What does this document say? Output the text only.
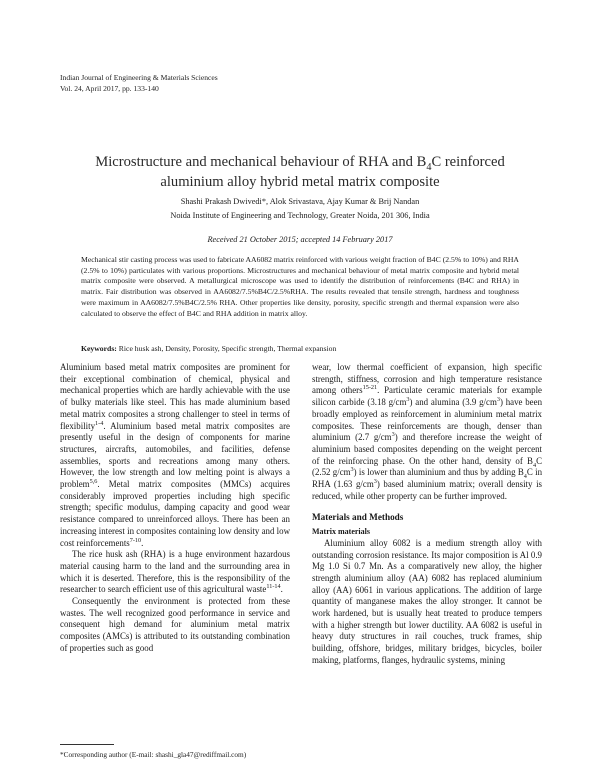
Indian Journal of Engineering & Materials Sciences
Vol. 24, April 2017, pp. 133-140
Microstructure and mechanical behaviour of RHA and $B_4C$ reinforced
aluminium alloy hybrid metal matrix composite
Shashi Prakash Dwivedi*, Alok Srivastava, Ajay Kumar & Brij Nandan
Noida Institute of Engineering and Technology, Greater Noida, 201 306, India
Received 21 October 2015; accepted 14 February 2017
Mechanical stir casting process was used to fabricate AA6082 matrix reinforced with various weight fraction of B4C (2.5% to 10%) and RHA (2.5% to 10%) particulates with various proportions. Microstructures and mechanical behaviour of metal matrix composite and hybrid metal matrix composite were observed. A metallurgical microscope was used to identify the distribution of reinforcements (B4C and RHA) in matrix. Fair distribution was observed in AA6082/7.5%B4C/2.5%RHA. The results revealed that tensile strength, hardness and toughness were maximum in AA6082/7.5%B4C/2.5% RHA. Other properties like density, porosity, specific strength and thermal expansion were also calculated to observe the effect of B4C and RHA addition in matrix alloy.
Keywords: Rice husk ash, Density, Porosity, Specific strength, Thermal expansion

Aluminium based metal matrix composites are prominent for their exceptional combination of chemical, physical and mechanical properties which are hardly achievable with the use of bulky materials like steel. This has made aluminium based metal matrix composites a strong challenger to steel in terms of flexibility$^{1-4}$. Aluminium based metal matrix composites are presently useful in the design of components for marine structures, aircrafts, automobiles, and facilities, defense assemblies, sports and recreations among many others. However, the low strength and low melting point is always a problem$^{5,6}$. Metal matrix composites (MMCs) acquires considerably improved properties including high specific strength; specific modulus, damping capacity and good wear resistance compared to unreinforced alloys. There has been an increasing interest in composites containing low density and low cost reinforcements$^{7-10}$.

The rice husk ash (RHA) is a huge environment hazardous material causing harm to the land and the surrounding area in which it is deserted. Therefore, this is the responsibility of the researcher to search efficient use of this agricultural waste$^{11-14}$.

Consequently the environment is protected from these wastes. The well recognized good performance in service and consequent high demand for aluminium metal matrix composites (AMCs) is attributed to its outstanding combination of properties such as good

wear, low thermal coefficient of expansion, high specific strength, stiffness, corrosion and high temperature resistance among others$^{15-21}$. Particulate ceramic materials for example silicon carbide (3.18 $g/cm^3$) and alumina (3.9 $g/cm^3$) have been broadly employed as reinforcement in aluminium metal matrix composites. These reinforcements are though, denser than aluminium (2.7 $g/cm^3$) and therefore increase the weight of aluminium based composites depending on the weight percent of the reinforcing phase. On the other hand, density of $B_4C$ (2.52 $g/cm^3$) is lower than aluminium and thus by adding $B_4C$ in RHA (1.63 $g/cm^3$) based aluminium matrix; overall density is reduced, while other property can be further improved.

Materials and Methods

Matrix materials

Aluminium alloy 6082 is a medium strength alloy with outstanding corrosion resistance. Its major composition is Al 0.9 Mg 1.0 Si 0.7 Mn. As a comparatively new alloy, the higher strength aluminium alloy (AA) 6082 has replaced aluminium alloy (AA) 6061 in various applications. The addition of large quantity of manganese makes the alloy stronger. It cannot be work hardened, but is usually heat treated to produce tempers with a higher strength but lower ductility. AA 6082 is useful in heavy duty structures in rail couches, truck frames, ship building, offshore, bridges, military bridges, bicycles, boiler making, platforms, flanges, hydraulic systems, mining

*Corresponding author (E-mail: shashi_gla47@rediffmail.com)
